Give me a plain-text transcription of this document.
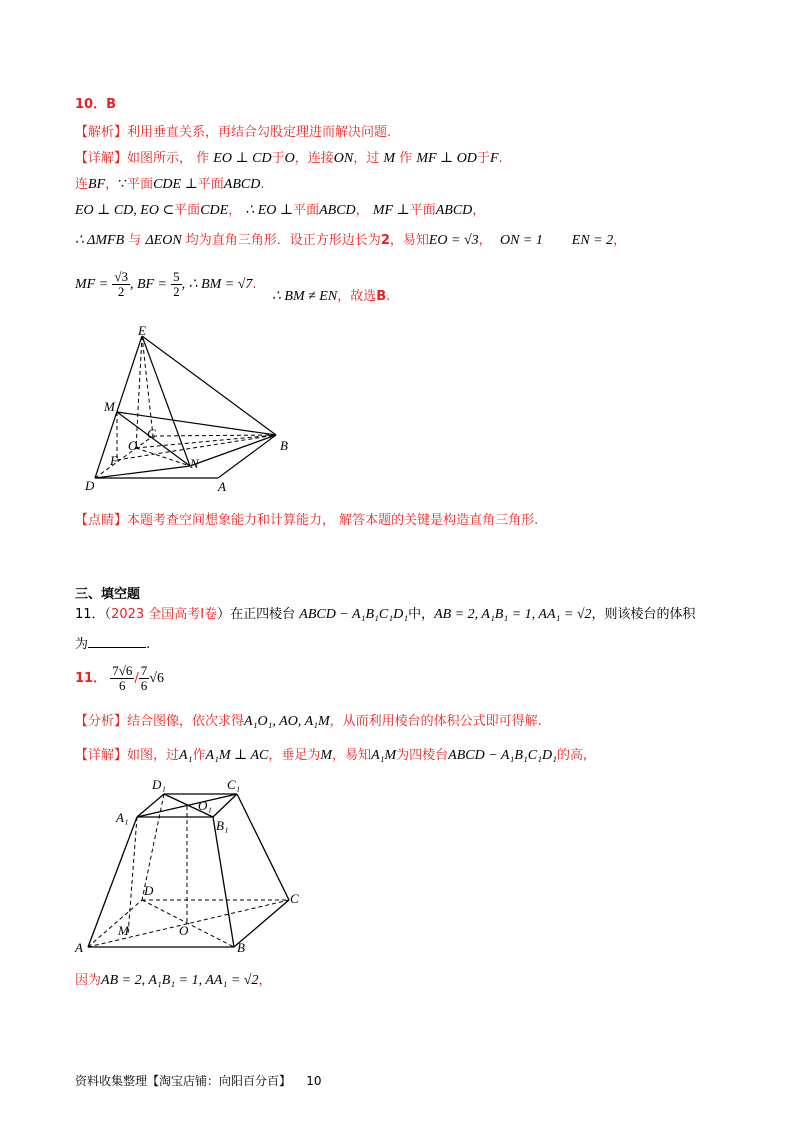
10．B
【解析】利用垂直关系，再结合勾股定理进而解决问题.
【详解】如图所示， 作 EO ⊥ CD于O，连接ON，过 M 作 MF ⊥ OD于F.
连BF，∵平面CDE ⊥平面ABCD.
EO ⊥ CD, EO ⊂平面CDE， ∴ EO ⊥平面ABCD， MF ⊥平面ABCD，
∴ ΔMFB 与 ΔEON 均为直角三角形．设正方形边长为2，易知EO = √3， ON = 1 EN = 2，
MF = $\frac{√3}{2}$ , BF = $\frac{5}{2}$ , ∴ BM = √7.
∴ BM ≠ EN，故选B.
E
M
C
O
F	N
B
D	A
【点睛】本题考查空间想象能力和计算能力， 解答本题的关键是构造直角三角形.
三、填空题
11．（2023 全国高考Ⅰ卷）在正四棱台 ABCD − A₁B₁C₁D₁中，AB = 2, A₁B₁ = 1, AA₁ = √2，则该棱台的体积
为	.
11． $\frac{7√6}{6} / \frac{7}{6} √6$
【分析】结合图像，依次求得A₁O₁, AO, A₁M，从而利用棱台的体积公式即可得解.
【详解】如图，过A₁作A₁M ⊥ AC，垂足为M，易知A₁M为四棱台ABCD − A₁B₁C₁D₁的高,
D₁	C₁
O₁
A₁
B₁
D
C
M	O
A	B
因为AB = 2, A₁B₁ = 1, AA₁ = √2，
资料收集整理【淘宝店铺：向阳百分百】 10
